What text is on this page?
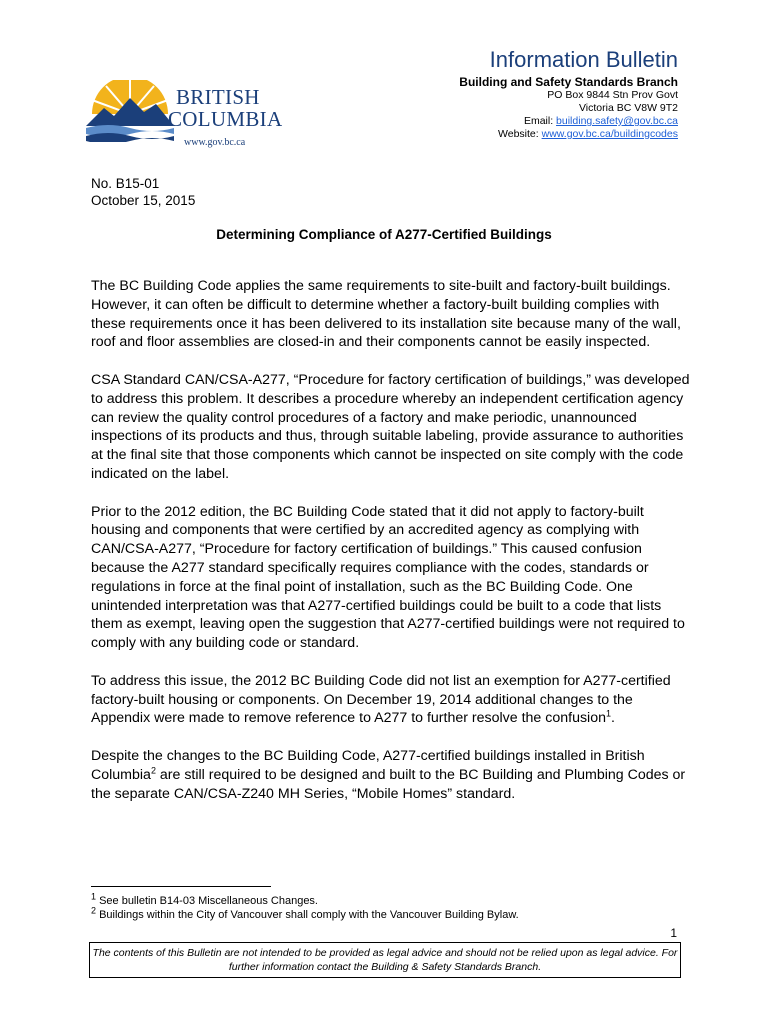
BRITISH
COLUMBIA
www.gov.bc.ca
Information Bulletin
Building and Safety Standards Branch
PO Box 9844 Stn Prov Govt
Victoria BC V8W 9T2
Email: building.safety@gov.bc.ca
Website: www.gov.bc.ca/buildingcodes
No. B15-01
October 15, 2015
Determining Compliance of A277-Certified Buildings

The BC Building Code applies the same requirements to site-built and factory-built buildings. However, it can often be difficult to determine whether a factory-built building complies with these requirements once it has been delivered to its installation site because many of the wall, roof and floor assemblies are closed-in and their components cannot be easily inspected.

CSA Standard CAN/CSA-A277, “Procedure for factory certification of buildings,” was developed to address this problem. It describes a procedure whereby an independent certification agency can review the quality control procedures of a factory and make periodic, unannounced inspections of its products and thus, through suitable labeling, provide assurance to authorities at the final site that those components which cannot be inspected on site comply with the code indicated on the label.

Prior to the 2012 edition, the BC Building Code stated that it did not apply to factory-built housing and components that were certified by an accredited agency as complying with CAN/CSA-A277, “Procedure for factory certification of buildings.” This caused confusion because the A277 standard specifically requires compliance with the codes, standards or regulations in force at the final point of installation, such as the BC Building Code. One unintended interpretation was that A277-certified buildings could be built to a code that lists them as exempt, leaving open the suggestion that A277-certified buildings were not required to comply with any building code or standard.

To address this issue, the 2012 BC Building Code did not list an exemption for A277-certified factory-built housing or components. On December 19, 2014 additional changes to the Appendix were made to remove reference to A277 to further resolve the confusion$^1$.

Despite the changes to the BC Building Code, A277-certified buildings installed in British Columbia$^2$ are still required to be designed and built to the BC Building and Plumbing Codes or the separate CAN/CSA-Z240 MH Series, “Mobile Homes” standard.

$^1$ See bulletin B14-03 Miscellaneous Changes.
$^2$ Buildings within the City of Vancouver shall comply with the Vancouver Building Bylaw.
1
The contents of this Bulletin are not intended to be provided as legal advice and should not be relied upon as legal advice. For further information contact the Building & Safety Standards Branch.
